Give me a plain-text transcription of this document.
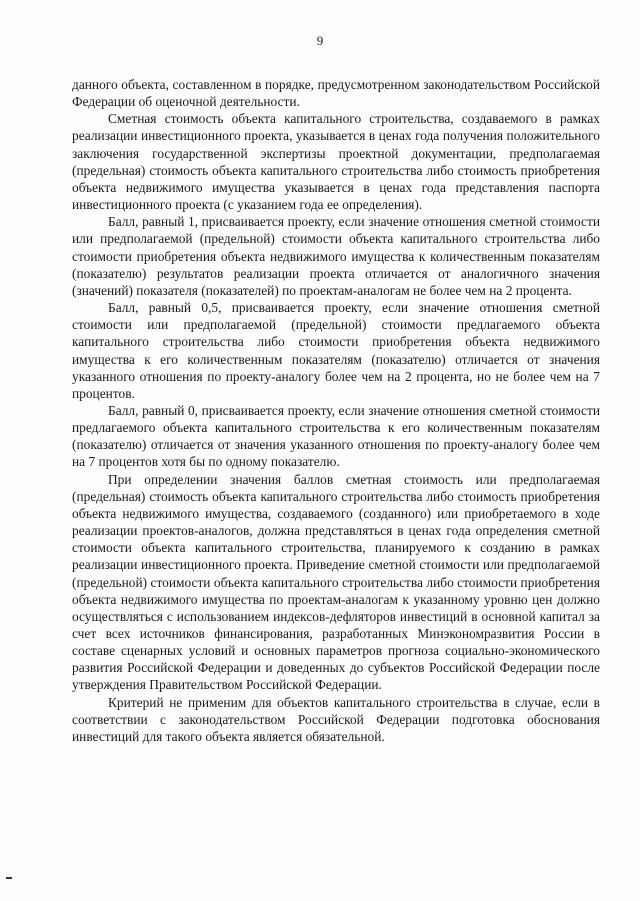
9

данного объекта, составленном в порядке, предусмотренном законодательством Российской Федерации об оценочной деятельности.

Сметная стоимость объекта капитального строительства, создаваемого в рамках реализации инвестиционного проекта, указывается в ценах года получения положительного заключения государственной экспертизы проектной документации, предполагаемая (предельная) стоимость объекта капитального строительства либо стоимость приобретения объекта недвижимого имущества указывается в ценах года представления паспорта инвестиционного проекта (с указанием года ее определения).

Балл, равный 1, присваивается проекту, если значение отношения сметной стоимости или предполагаемой (предельной) стоимости объекта капитального строительства либо стоимости приобретения объекта недвижимого имущества к количественным показателям (показателю) результатов реализации проекта отличается от аналогичного значения (значений) показателя (показателей) по проектам-аналогам не более чем на 2 процента.

Балл, равный 0,5, присваивается проекту, если значение отношения сметной стоимости или предполагаемой (предельной) стоимости предлагаемого объекта капитального строительства либо стоимости приобретения объекта недвижимого имущества к его количественным показателям (показателю) отличается от значения указанного отношения по проекту-аналогу более чем на 2 процента, но не более чем на 7 процентов.

Балл, равный 0, присваивается проекту, если значение отношения сметной стоимости предлагаемого объекта капитального строительства к его количественным показателям (показателю) отличается от значения указанного отношения по проекту-аналогу более чем на 7 процентов хотя бы по одному показателю.

При определении значения баллов сметная стоимость или предполагаемая (предельная) стоимость объекта капитального строительства либо стоимость приобретения объекта недвижимого имущества, создаваемого (созданного) или приобретаемого в ходе реализации проектов-аналогов, должна представляться в ценах года определения сметной стоимости объекта капитального строительства, планируемого к созданию в рамках реализации инвестиционного проекта. Приведение сметной стоимости или предполагаемой (предельной) стоимости объекта капитального строительства либо стоимости приобретения объекта недвижимого имущества по проектам-аналогам к указанному уровню цен должно осуществляться с использованием индексов-дефляторов инвестиций в основной капитал за счет всех источников финансирования, разработанных Минэкономразвития России в составе сценарных условий и основных параметров прогноза социально-экономического развития Российской Федерации и доведенных до субъектов Российской Федерации после утверждения Правительством Российской Федерации.

Критерий не применим для объектов капитального строительства в случае, если в соответствии с законодательством Российской Федерации подготовка обоснования инвестиций для такого объекта является обязательной.
